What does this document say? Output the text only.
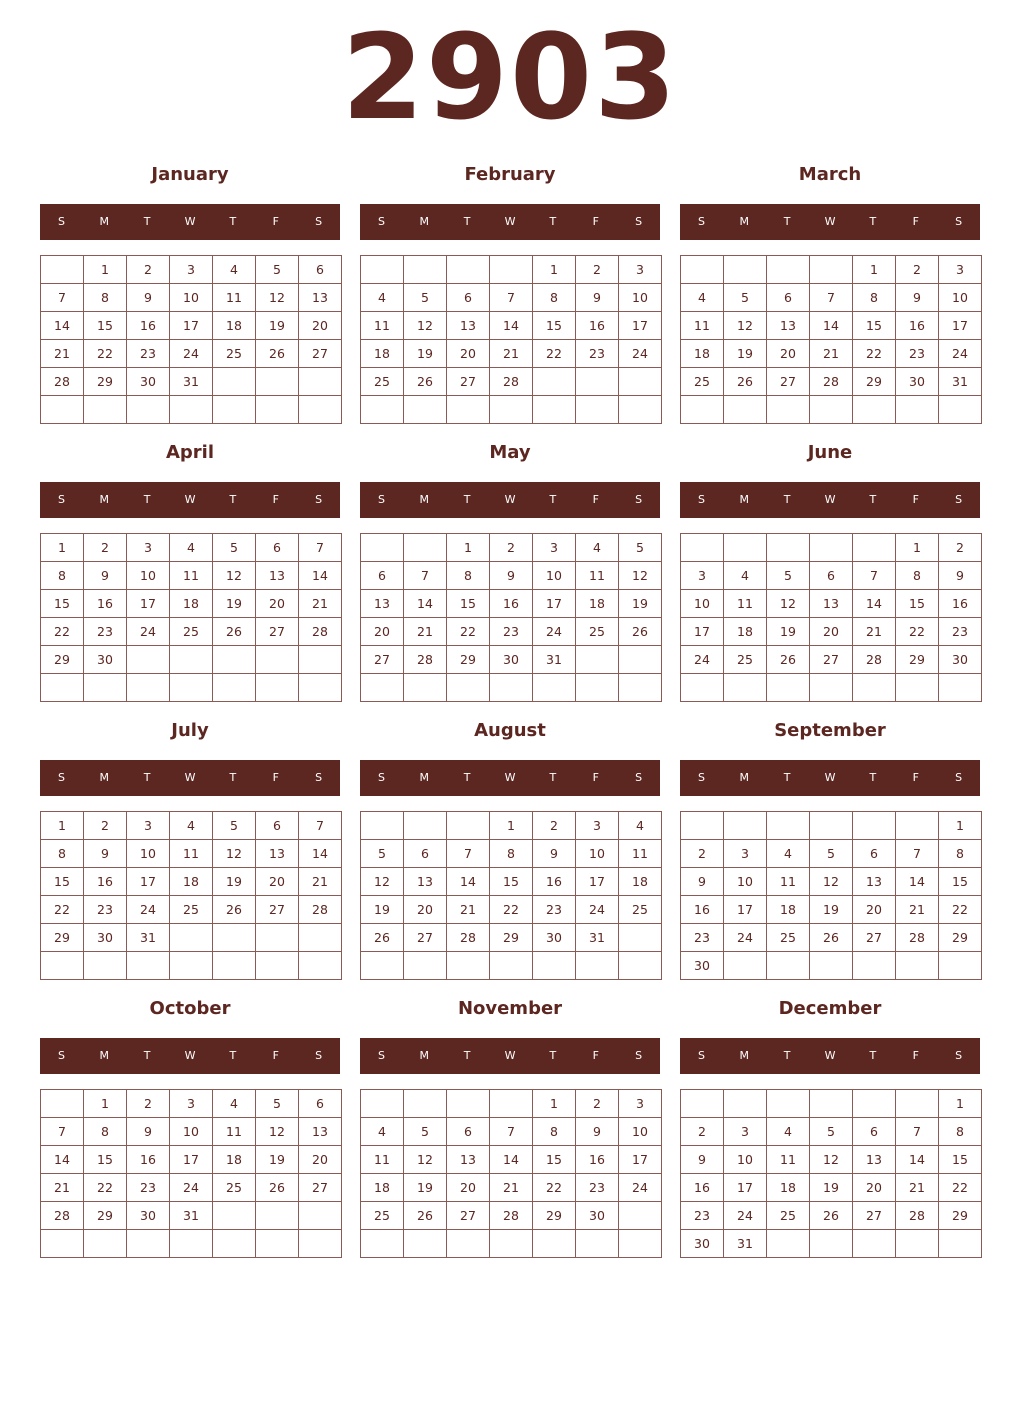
2903
January
S	M	T	W	T	F	S
	1	2	3	4	5	6
7	8	9	10	11	12	13
14	15	16	17	18	19	20
21	22	23	24	25	26	27
28	29	30	31			

February
S	M	T	W	T	F	S
				1	2	3
4	5	6	7	8	9	10
11	12	13	14	15	16	17
18	19	20	21	22	23	24
25	26	27	28			

March
S	M	T	W	T	F	S
				1	2	3
4	5	6	7	8	9	10
11	12	13	14	15	16	17
18	19	20	21	22	23	24
25	26	27	28	29	30	31

April
S	M	T	W	T	F	S
1	2	3	4	5	6	7
8	9	10	11	12	13	14
15	16	17	18	19	20	21
22	23	24	25	26	27	28
29	30					

May
S	M	T	W	T	F	S
		1	2	3	4	5
6	7	8	9	10	11	12
13	14	15	16	17	18	19
20	21	22	23	24	25	26
27	28	29	30	31		

June
S	M	T	W	T	F	S
					1	2
3	4	5	6	7	8	9
10	11	12	13	14	15	16
17	18	19	20	21	22	23
24	25	26	27	28	29	30

July
S	M	T	W	T	F	S
1	2	3	4	5	6	7
8	9	10	11	12	13	14
15	16	17	18	19	20	21
22	23	24	25	26	27	28
29	30	31				

August
S	M	T	W	T	F	S
			1	2	3	4
5	6	7	8	9	10	11
12	13	14	15	16	17	18
19	20	21	22	23	24	25
26	27	28	29	30	31	

September
S	M	T	W	T	F	S
						1
2	3	4	5	6	7	8
9	10	11	12	13	14	15
16	17	18	19	20	21	22
23	24	25	26	27	28	29
30						
October
S	M	T	W	T	F	S
	1	2	3	4	5	6
7	8	9	10	11	12	13
14	15	16	17	18	19	20
21	22	23	24	25	26	27
28	29	30	31			

November
S	M	T	W	T	F	S
				1	2	3
4	5	6	7	8	9	10
11	12	13	14	15	16	17
18	19	20	21	22	23	24
25	26	27	28	29	30	

December
S	M	T	W	T	F	S
						1
2	3	4	5	6	7	8
9	10	11	12	13	14	15
16	17	18	19	20	21	22
23	24	25	26	27	28	29
30	31					
